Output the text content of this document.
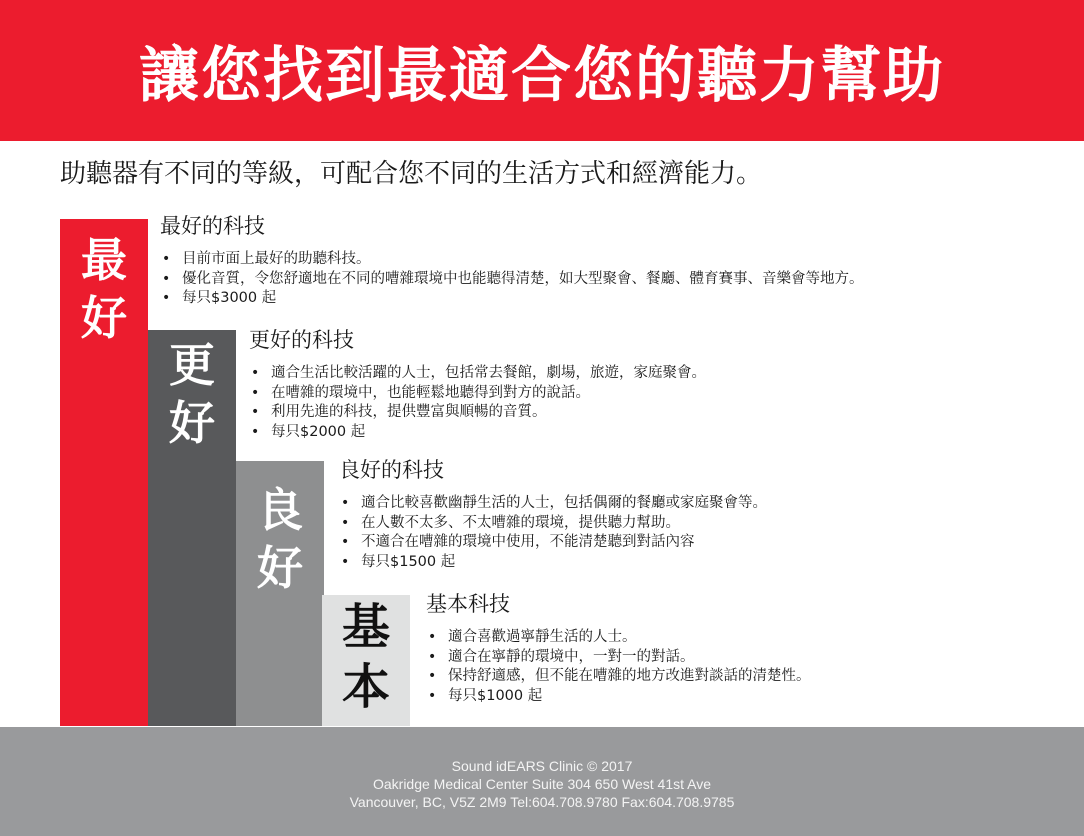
讓您找到最適合您的聽力幫助
助聽器有不同的等級，可配合您不同的生活方式和經濟能力。
最
好
更
好
良
好
基
本
最好的科技
• 目前市面上最好的助聽科技。
• 優化音質，令您舒適地在不同的嘈雜環境中也能聽得清楚，如大型聚會、餐廳、體育賽事、音樂會等地方。
• 每只$3000 起
更好的科技
• 適合生活比較活躍的人士，包括常去餐館，劇場，旅遊，家庭聚會。
• 在嘈雜的環境中，也能輕鬆地聽得到對方的說話。
• 利用先進的科技，提供豐富與順暢的音質。
• 每只$2000 起
良好的科技
• 適合比較喜歡幽靜生活的人士，包括偶爾的餐廳或家庭聚會等。
• 在人數不太多、不太嘈雜的環境，提供聽力幫助。
• 不適合在嘈雜的環境中使用，不能清楚聽到對話內容
• 每只$1500 起
基本科技
• 適合喜歡過寧靜生活的人士。
• 適合在寧靜的環境中，一對一的對話。
• 保持舒適感，但不能在嘈雜的地方改進對談話的清楚性。
• 每只$1000 起
Sound idEARS Clinic © 2017
Oakridge Medical Center Suite 304 650 West 41st Ave
Vancouver, BC, V5Z 2M9 Tel:604.708.9780 Fax:604.708.9785
